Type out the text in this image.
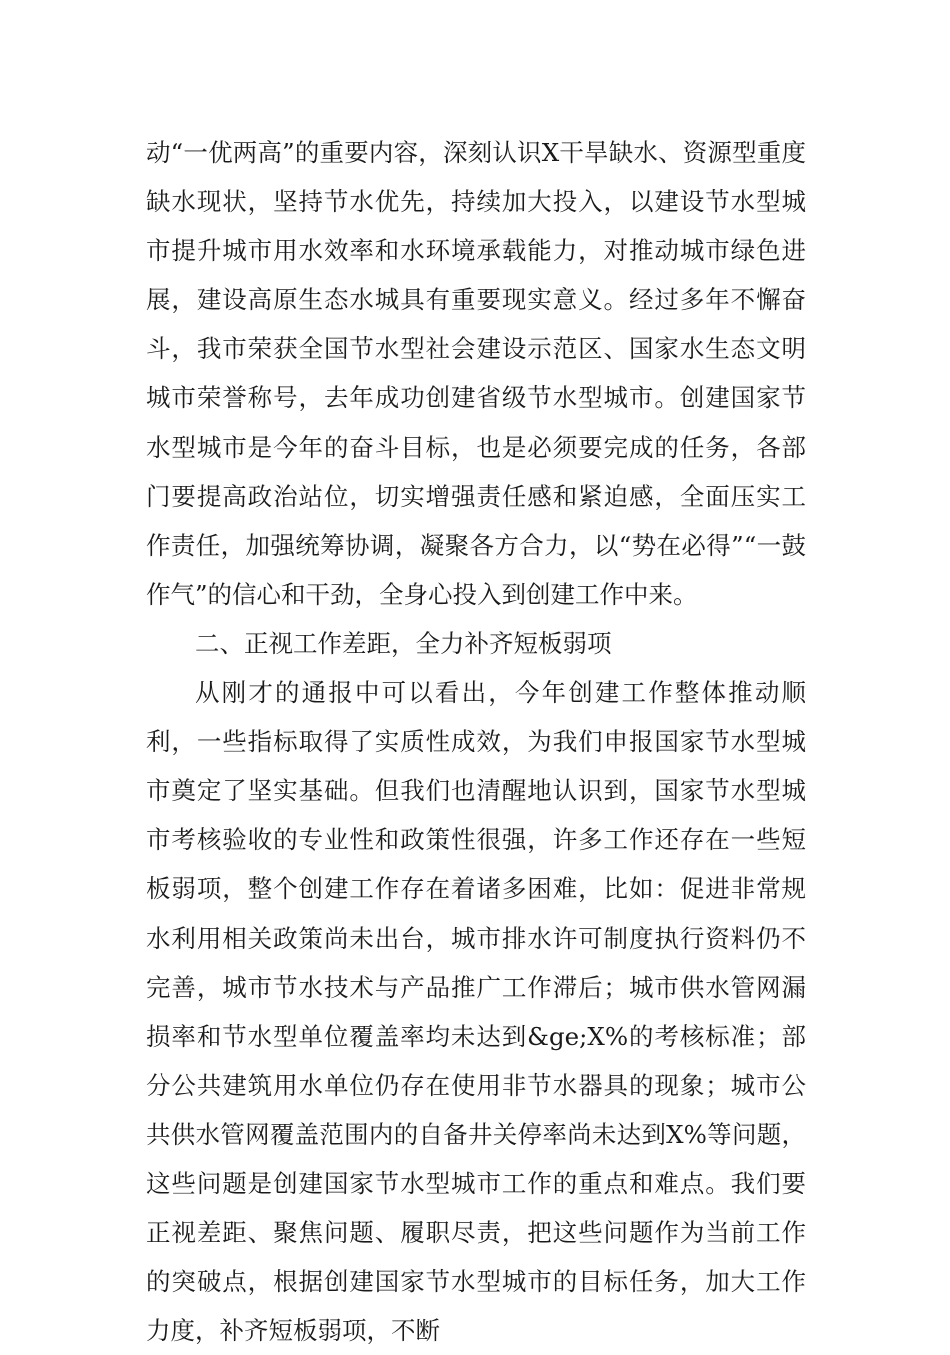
动“一优两高”的重要内容，深刻认识X干旱缺水、资源型重度缺水现状，坚持节水优先，持续加大投入，以建设节水型城市提升城市用水效率和水环境承载能力，对推动城市绿色进展，建设高原生态水城具有重要现实意义。经过多年不懈奋斗，我市荣获全国节水型社会建设示范区、国家水生态文明城市荣誉称号，去年成功创建省级节水型城市。创建国家节水型城市是今年的奋斗目标，也是必须要完成的任务，各部门要提高政治站位，切实增强责任感和紧迫感，全面压实工作责任，加强统筹协调，凝聚各方合力，以“势在必得”“一鼓作气”的信心和干劲，全身心投入到创建工作中来。

二、正视工作差距，全力补齐短板弱项

从刚才的通报中可以看出，今年创建工作整体推动顺利，一些指标取得了实质性成效，为我们申报国家节水型城市奠定了坚实基础。但我们也清醒地认识到，国家节水型城市考核验收的专业性和政策性很强，许多工作还存在一些短板弱项，整个创建工作存在着诸多困难，比如：促进非常规水利用相关政策尚未出台，城市排水许可制度执行资料仍不完善，城市节水技术与产品推广工作滞后；城市供水管网漏损率和节水型单位覆盖率均未达到&ge;X%的考核标准；部分公共建筑用水单位仍存在使用非节水器具的现象；城市公共供水管网覆盖范围内的自备井关停率尚未达到X%等问题，这些问题是创建国家节水型城市工作的重点和难点。我们要正视差距、聚焦问题、履职尽责，把这些问题作为当前工作的突破点，根据创建国家节水型城市的目标任务，加大工作力度，补齐短板弱项，不断
